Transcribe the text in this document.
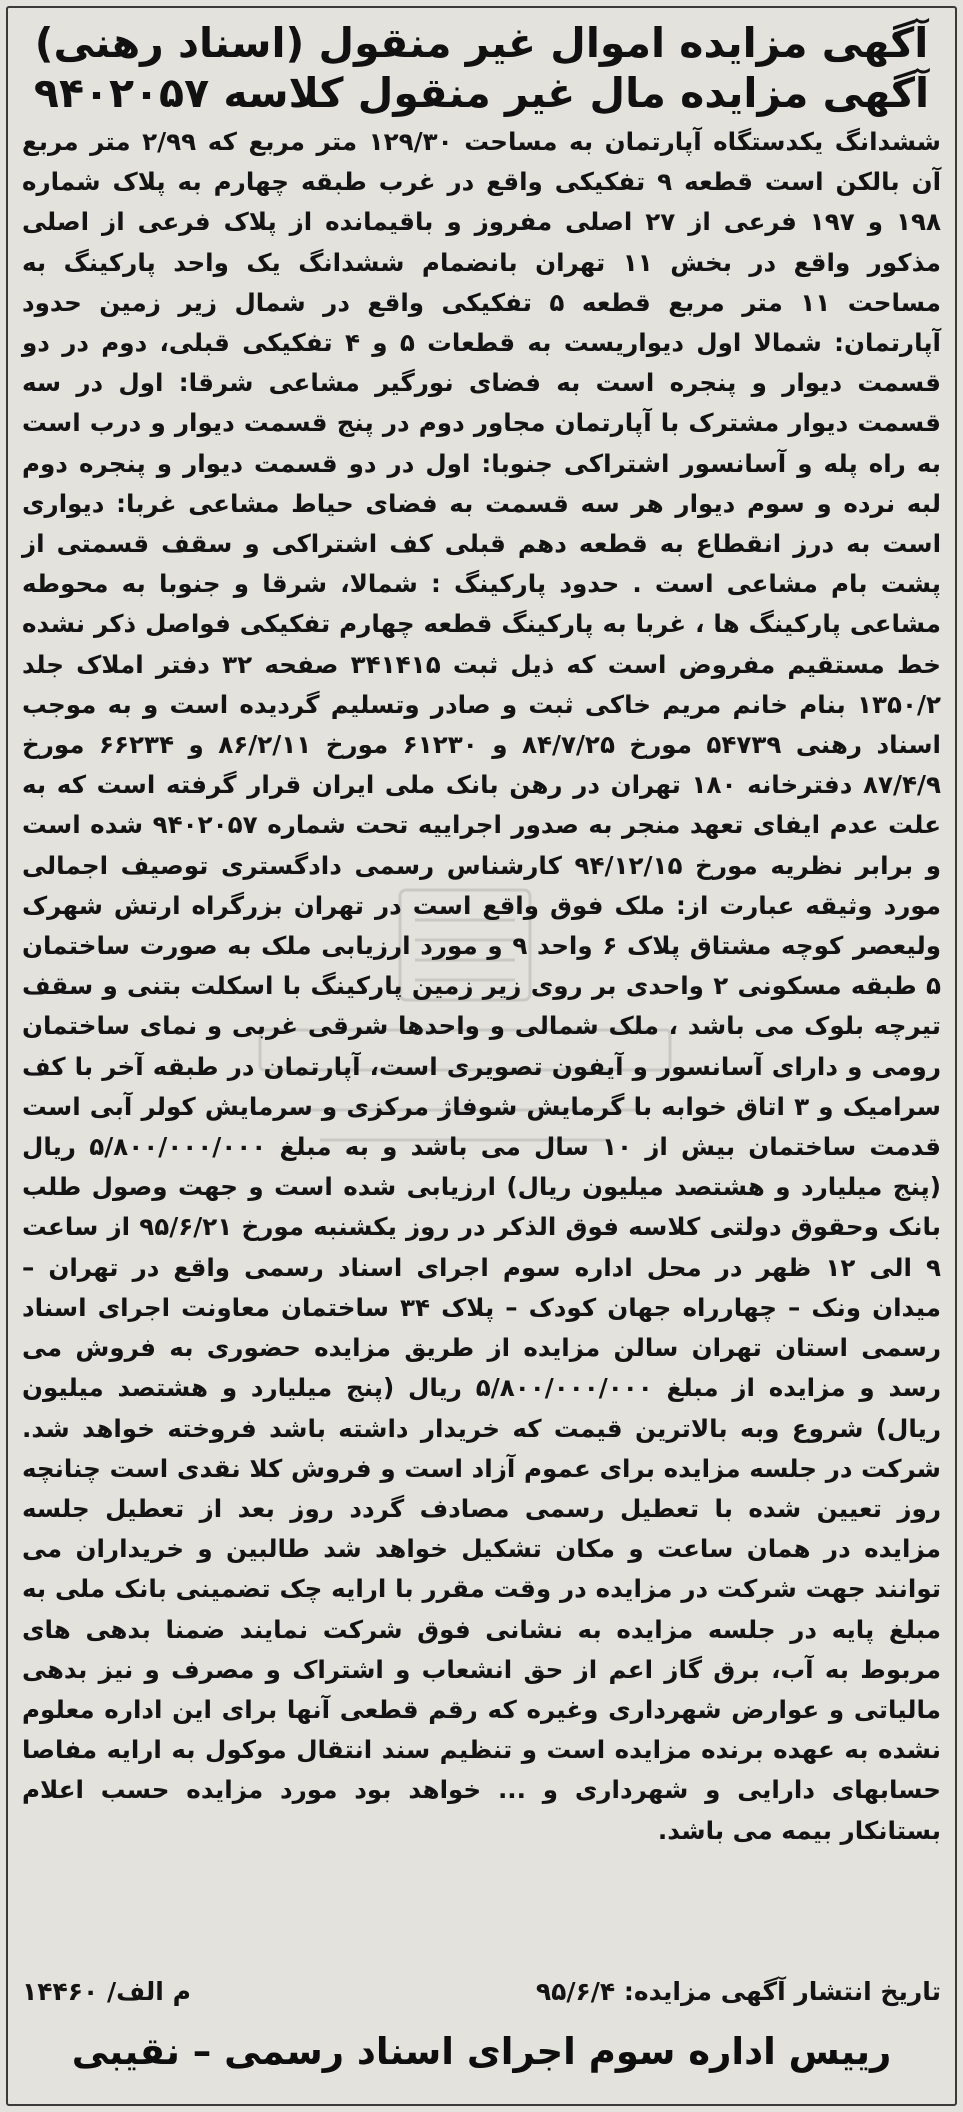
آگهی مزایده اموال غیر منقول (اسناد رهنی)
آگهی مزایده مال غیر منقول کلاسه ۹۴۰۲۰۵۷
ششدانگ یکدستگاه آپارتمان به مساحت ۱۲۹/۳۰ متر مربع که ۲/۹۹ متر مربع آن بالکن است قطعه ۹ تفکیکی واقع در غرب طبقه چهارم به پلاک شماره ۱۹۸ و ۱۹۷ فرعی از ۲۷ اصلی مفروز و باقیمانده از پلاک فرعی از اصلی مذکور واقع در بخش ۱۱ تهران بانضمام ششدانگ یک واحد پارکینگ به مساحت ۱۱ متر مربع قطعه ۵ تفکیکی واقع در شمال زیر زمین حدود آپارتمان: شمالا اول دیواریست به قطعات ۵ و ۴ تفکیکی قبلی، دوم در دو قسمت دیوار و پنجره است به فضای نورگیر مشاعی شرقا: اول در سه قسمت دیوار مشترک با آپارتمان مجاور دوم در پنج قسمت دیوار و درب است به راه پله و آسانسور اشتراکی جنوبا: اول در دو قسمت دیوار و پنجره دوم لبه نرده و سوم دیوار هر سه قسمت به فضای حیاط مشاعی غربا: دیواری است به درز انقطاع به قطعه دهم قبلی کف اشتراکی و سقف قسمتی از پشت بام مشاعی است . حدود پارکینگ : شمالا، شرقا و جنوبا به محوطه مشاعی پارکینگ ها ، غربا به پارکینگ قطعه چهارم تفکیکی فواصل ذکر نشده خط مستقیم مفروض است که ذیل ثبت ۳۴۱۴۱۵ صفحه ۳۲ دفتر املاک جلد ۱۳۵۰/۲ بنام خانم مریم خاکی ثبت و صادر وتسلیم گردیده است و به موجب اسناد رهنی ۵۴۷۳۹ مورخ ۸۴/۷/۲۵ و ۶۱۲۳۰ مورخ ۸۶/۲/۱۱ و ۶۶۲۳۴ مورخ ۸۷/۴/۹ دفترخانه ۱۸۰ تهران در رهن بانک ملی ایران قرار گرفته است که به علت عدم ایفای تعهد منجر به صدور اجراییه تحت شماره ۹۴۰۲۰۵۷ شده است و برابر نظریه مورخ ۹۴/۱۲/۱۵ کارشناس رسمی دادگستری توصیف اجمالی مورد وثیقه عبارت از: ملک فوق واقع است در تهران بزرگراه ارتش شهرک ولیعصر کوچه مشتاق پلاک ۶ واحد ۹ و مورد ارزیابی ملک به صورت ساختمان ۵ طبقه مسکونی ۲ واحدی بر روی زیر زمین پارکینگ با اسکلت بتنی و سقف تیرچه بلوک می باشد ، ملک شمالی و واحدها شرقی غربی و نمای ساختمان رومی و دارای آسانسور و آیفون تصویری است، آپارتمان در طبقه آخر با کف سرامیک و ۳ اتاق خوابه با گرمایش شوفاژ مرکزی و سرمایش کولر آبی است قدمت ساختمان بیش از ۱۰ سال می باشد و به مبلغ ۵/۸۰۰/۰۰۰/۰۰۰ ریال (پنج میلیارد و هشتصد میلیون ریال) ارزیابی شده است و جهت وصول طلب بانک وحقوق دولتی کلاسه فوق الذکر در روز یکشنبه مورخ ۹۵/۶/۲۱ از ساعت ۹ الی ۱۲ ظهر در محل اداره سوم اجرای اسناد رسمی واقع در تهران – میدان ونک – چهارراه جهان کودک – پلاک ۳۴ ساختمان معاونت اجرای اسناد رسمی استان تهران سالن مزایده از طریق مزایده حضوری به فروش می رسد و مزایده از مبلغ ۵/۸۰۰/۰۰۰/۰۰۰ ریال (پنج میلیارد و هشتصد میلیون ریال) شروع وبه بالاترین قیمت که خریدار داشته باشد فروخته خواهد شد. شرکت در جلسه مزایده برای عموم آزاد است و فروش کلا نقدی است چنانچه روز تعیین شده با تعطیل رسمی مصادف گردد روز بعد از تعطیل جلسه مزایده در همان ساعت و مکان تشکیل خواهد شد طالبین و خریداران می توانند جهت شرکت در مزایده در وقت مقرر با ارایه چک تضمینی بانک ملی به مبلغ پایه در جلسه مزایده به نشانی فوق شرکت نمایند ضمنا بدهی های مربوط به آب، برق گاز اعم از حق انشعاب و اشتراک و مصرف و نیز بدهی مالیاتی و عوارض شهرداری وغیره که رقم قطعی آنها برای این اداره معلوم نشده به عهده برنده مزایده است و تنظیم سند انتقال موکول به ارایه مفاصا حسابهای دارایی و شهرداری و ... خواهد بود مورد مزایده حسب اعلام بستانکار بیمه می باشد.
تاریخ انتشار آگهی مزایده: ۹۵/۶/۴
م الف/ ۱۴۴۶۰
رییس اداره سوم اجرای اسناد رسمی – نقیبی
